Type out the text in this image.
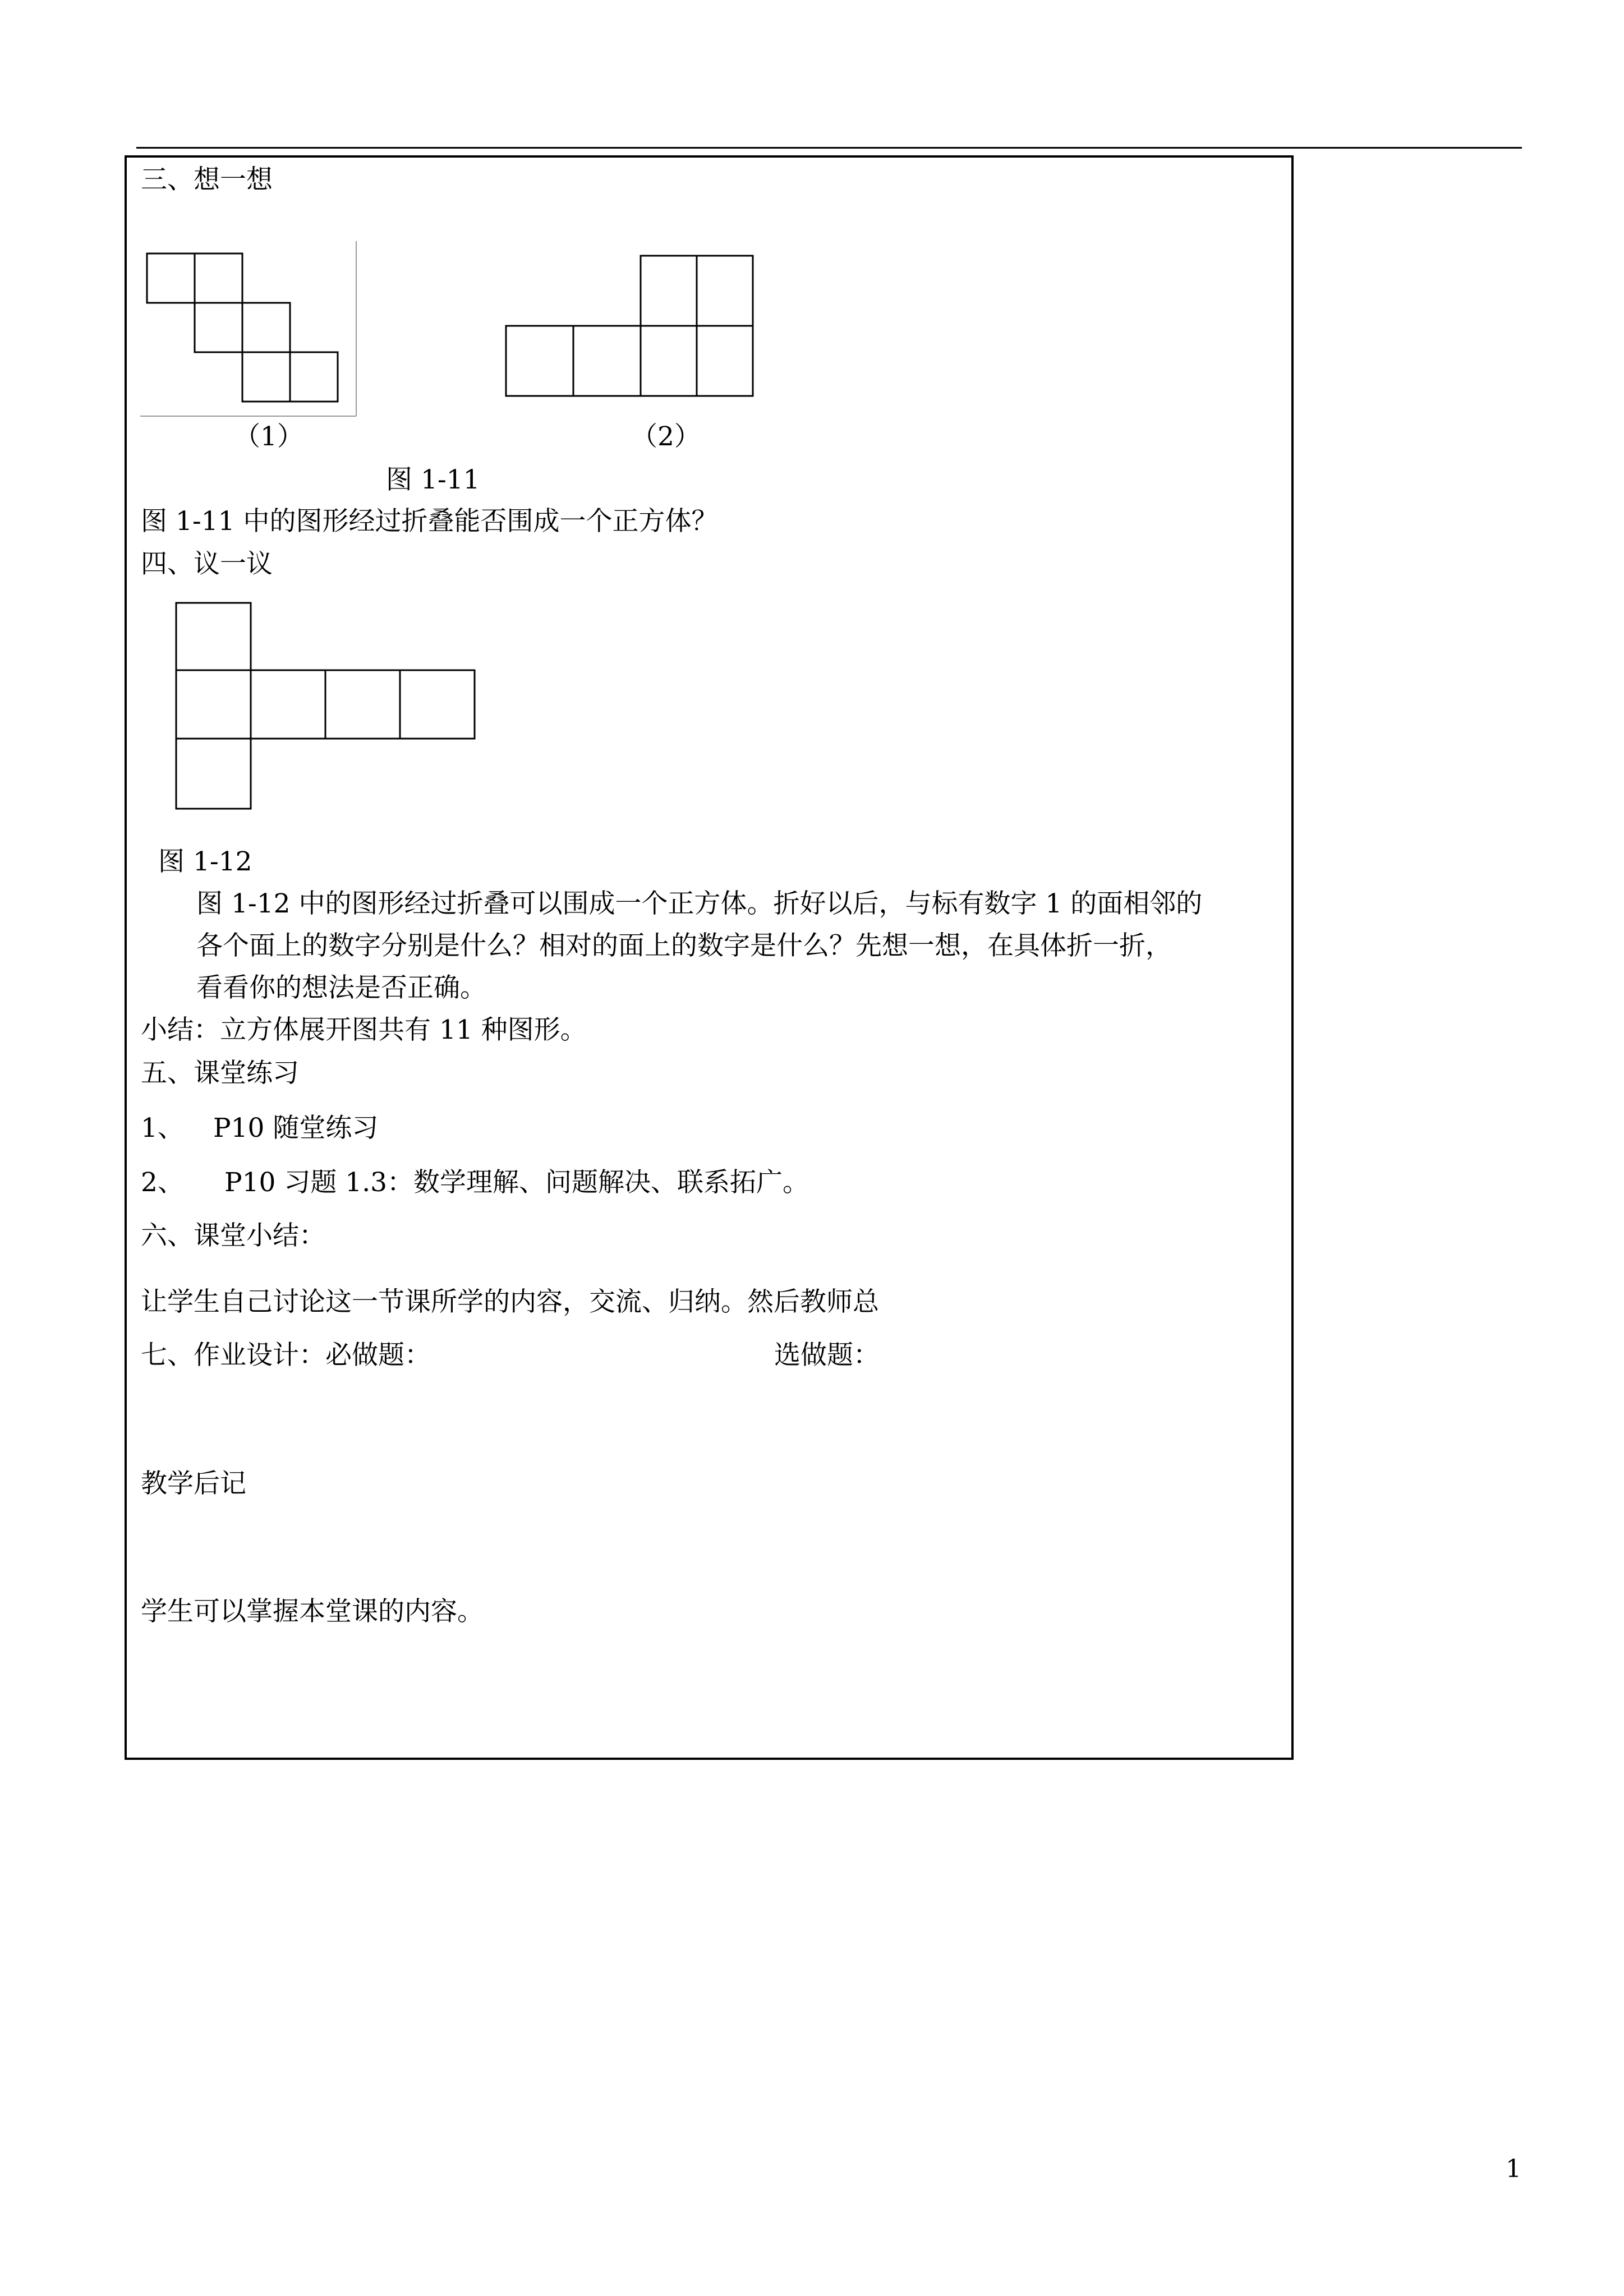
三、想一想
（1）	（2）
图 1-11
图 1-11 中的图形经过折叠能否围成一个正方体？
四、议一议
图 1-12
图 1-12 中的图形经过折叠可以围成一个正方体。折好以后，与标有数字 1 的面相邻的
各个面上的数字分别是什么？相对的面上的数字是什么？先想一想，在具体折一折，
看看你的想法是否正确。
小结：立方体展开图共有 11 种图形。
五、课堂练习
1、 P10 随堂练习
2、 P10 习题 1.3：数学理解、问题解决、联系拓广。
六、课堂小结：
让学生自己讨论这一节课所学的内容，交流、归纳。然后教师总
七、作业设计：必做题：	选做题：
教学后记
学生可以掌握本堂课的内容。
1
